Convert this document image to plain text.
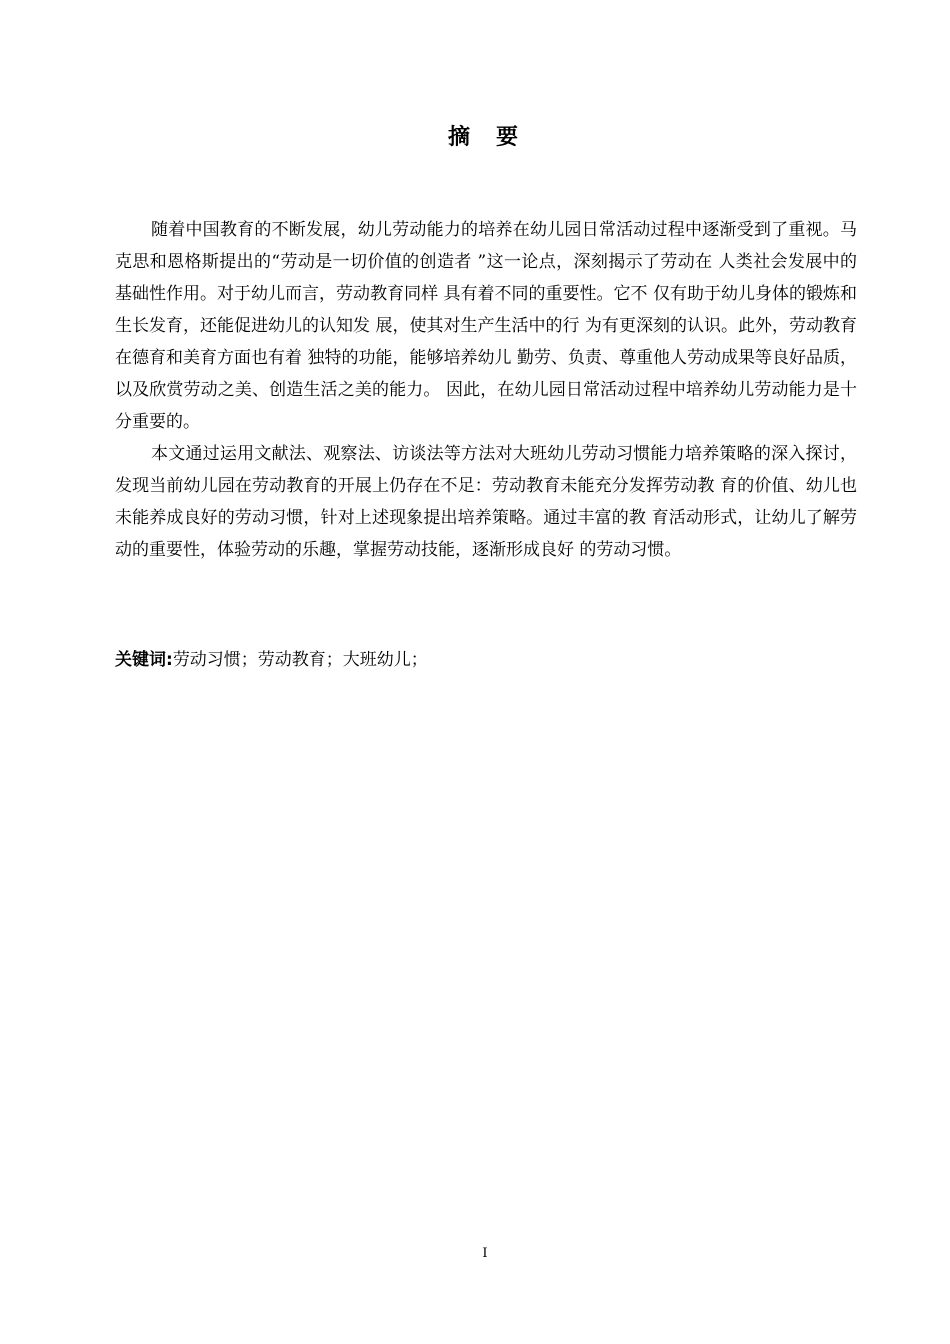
摘 要

随着中国教育的不断发展，幼儿劳动能力的培养在幼儿园日常活动过程中逐渐受到了重视。马克思和恩格斯提出的“劳动是一切价值的创造者 ”这一论点，深刻揭示了劳动在 人类社会发展中的基础性作用。对于幼儿而言，劳动教育同样 具有着不同的重要性。它不 仅有助于幼儿身体的锻炼和生长发育，还能促进幼儿的认知发 展，使其对生产生活中的行 为有更深刻的认识。此外，劳动教育在德育和美育方面也有着 独特的功能，能够培养幼儿 勤劳、负责、尊重他人劳动成果等良好品质，以及欣赏劳动之美、创造生活之美的能力。 因此，在幼儿园日常活动过程中培养幼儿劳动能力是十分重要的。

本文通过运用文献法、观察法、访谈法等方法对大班幼儿劳动习惯能力培养策略的深入探讨，发现当前幼儿园在劳动教育的开展上仍存在不足：劳动教育未能充分发挥劳动教 育的价值、幼儿也未能养成良好的劳动习惯，针对上述现象提出培养策略。通过丰富的教 育活动形式，让幼儿了解劳动的重要性，体验劳动的乐趣，掌握劳动技能，逐渐形成良好 的劳动习惯。

关键词:劳动习惯；劳动教育；大班幼儿；
I
